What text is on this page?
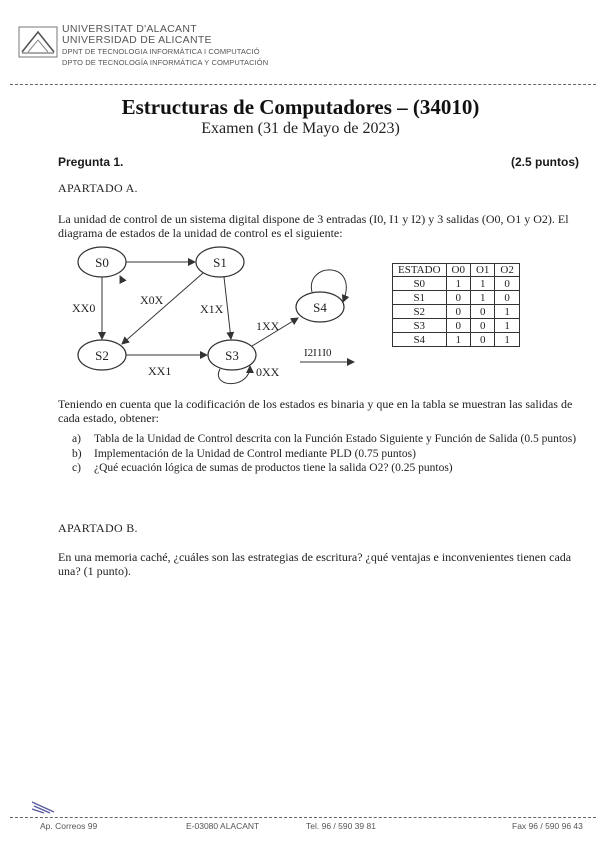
UNIVERSITAT D'ALACANT
UNIVERSIDAD DE ALICANTE
DPNT DE TECNOLOGIA INFORMÀTICA I COMPUTACIÓ
DPTO DE TECNOLOGÍA INFORMÁTICA Y COMPUTACIÓN
Estructuras de Computadores – (34010)
Examen (31 de Mayo de 2023)
Pregunta 1.	(2.5 puntos)
APARTADO A.
La unidad de control de un sistema digital dispone de 3 entradas (I0, I1 y I2) y 3 salidas (O0, O1 y O2). El diagrama de estados de la unidad de control es el siguiente:
S0	S1
S2	S3
S4
XX0
X0X
X1X
XX1	0XX
1XX
I2I1I0
ESTADO	O0	O1	O2
S0	1	1	0
S1	0	1	0
S2	0	0	1
S3	0	0	1
S4	1	0	1
Teniendo en cuenta que la codificación de los estados es binaria y que en la tabla se muestran las salidas de cada estado, obtener:
a) Tabla de la Unidad de Control descrita con la Función Estado Siguiente y Función de Salida (0.5 puntos)
b) Implementación de la Unidad de Control mediante PLD (0.75 puntos)
c) ¿Qué ecuación lógica de sumas de productos tiene la salida O2? (0.25 puntos)
APARTADO B.
En una memoria caché, ¿cuáles son las estrategias de escritura? ¿qué ventajas e inconvenientes tienen cada una? (1 punto).
Ap. Correos 99	E-03080 ALACANT	Tel. 96 / 590 39 81	Fax 96 / 590 96 43
